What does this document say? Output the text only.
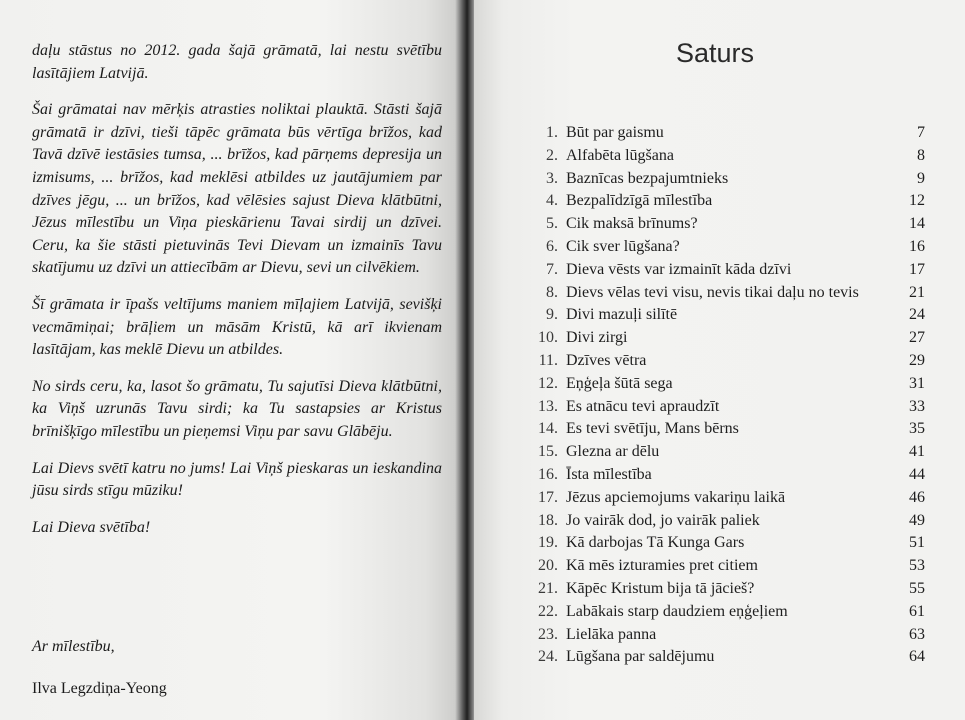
daļu stāstus no 2012. gada šajā grāmatā, lai nestu svētību lasītājiem Latvijā.

Šai grāmatai nav mērķis atrasties noliktai plauktā. Stāsti šajā grāmatā ir dzīvi, tieši tāpēc grāmata būs vērtīga brīžos, kad Tavā dzīvē iestāsies tumsa, ... brīžos, kad pārņems depresija un izmisums, ... brīžos, kad meklēsi atbildes uz jautājumiem par dzīves jēgu, ... un brīžos, kad vēlēsies sajust Dieva klātbūtni, Jēzus mīlestību un Viņa pieskārienu Tavai sirdij un dzīvei. Ceru, ka šie stāsti pietuvinās Tevi Dievam un izmainīs Tavu skatījumu uz dzīvi un attiecībām ar Dievu, sevi un cilvēkiem.

Šī grāmata ir īpašs veltījums maniem mīļajiem Latvijā, sevišķi vecmāmiņai; brāļiem un māsām Kristū, kā arī ikvienam lasītājam, kas meklē Dievu un atbildes.

No sirds ceru, ka, lasot šo grāmatu, Tu sajutīsi Dieva klātbūtni, ka Viņš uzrunās Tavu sirdi; ka Tu sastapsies ar Kristus brīnišķīgo mīlestību un pieņemsi Viņu par savu Glābēju.

Lai Dievs svētī katru no jums! Lai Viņš pieskaras un ieskandina jūsu sirds stīgu mūziku!

Lai Dieva svētība!

Ar mīlestību,

Ilva Legzdiņa-Yeong

Saturs
1. Būt par gaismu	7
2. Alfabēta lūgšana	8
3. Baznīcas bezpajumtnieks	9
4. Bezpalīdzīgā mīlestība	12
5. Cik maksā brīnums?	14
6. Cik sver lūgšana?	16
7. Dieva vēsts var izmainīt kāda dzīvi	17
8. Dievs vēlas tevi visu, nevis tikai daļu no tevis	21
9. Divi mazuļi silītē	24
10. Divi zirgi	27
11. Dzīves vētra	29
12. Eņģeļa šūtā sega	31
13. Es atnācu tevi apraudzīt	33
14. Es tevi svētīju, Mans bērns	35
15. Glezna ar dēlu	41
16. Īsta mīlestība	44
17. Jēzus apciemojums vakariņu laikā	46
18. Jo vairāk dod, jo vairāk paliek	49
19. Kā darbojas Tā Kunga Gars	51
20. Kā mēs izturamies pret citiem	53
21. Kāpēc Kristum bija tā jācieš?	55
22. Labākais starp daudziem eņģeļiem	61
23. Lielāka panna	63
24. Lūgšana par saldējumu	64
